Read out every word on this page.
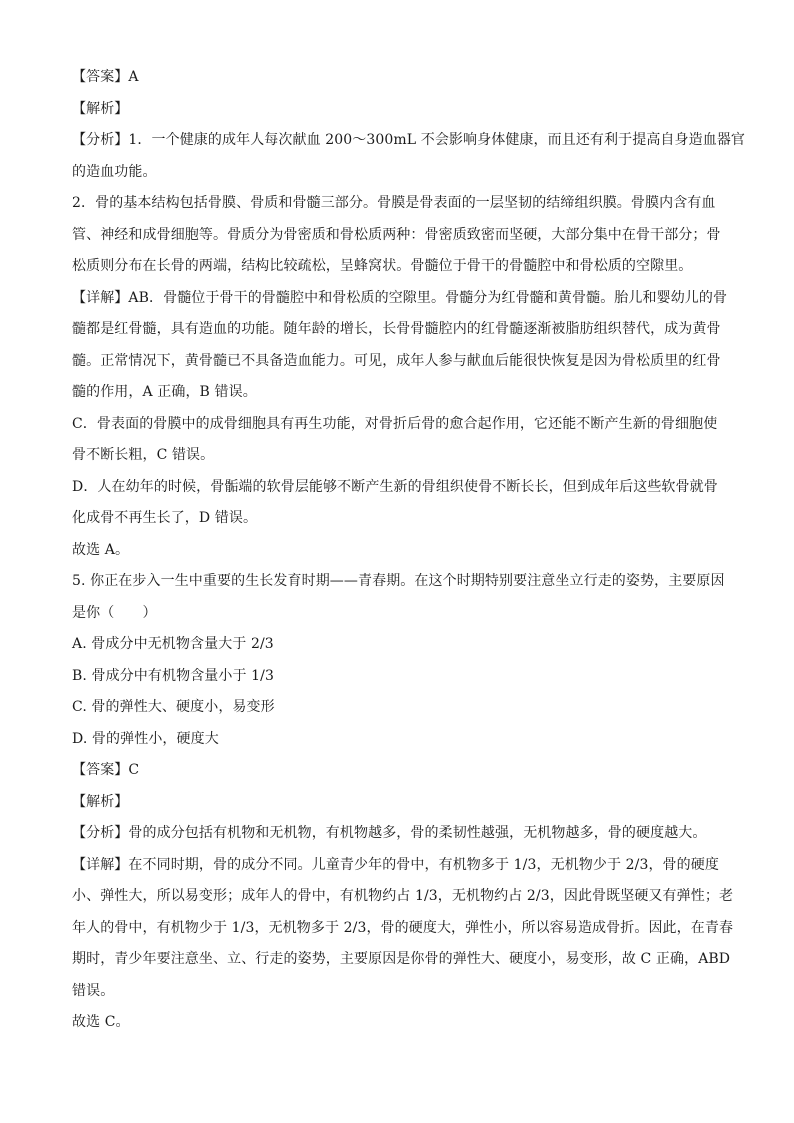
【答案】A
【解析】
【分析】1．一个健康的成年人每次献血 200～300mL 不会影响身体健康，而且还有利于提高自身造血器官
的造血功能。
2．骨的基本结构包括骨膜、骨质和骨髓三部分。骨膜是骨表面的一层坚韧的结缔组织膜。骨膜内含有血
管、神经和成骨细胞等。骨质分为骨密质和骨松质两种：骨密质致密而坚硬，大部分集中在骨干部分；骨
松质则分布在长骨的两端，结构比较疏松，呈蜂窝状。骨髓位于骨干的骨髓腔中和骨松质的空隙里。
【详解】AB．骨髓位于骨干的骨髓腔中和骨松质的空隙里。骨髓分为红骨髓和黄骨髓。胎儿和婴幼儿的骨
髓都是红骨髓，具有造血的功能。随年龄的增长，长骨骨髓腔内的红骨髓逐渐被脂肪组织替代，成为黄骨
髓。正常情况下，黄骨髓已不具备造血能力。可见，成年人参与献血后能很快恢复是因为骨松质里的红骨
髓的作用，A 正确，B 错误。
C．骨表面的骨膜中的成骨细胞具有再生功能，对骨折后骨的愈合起作用，它还能不断产生新的骨细胞使
骨不断长粗，C 错误。
D．人在幼年的时候，骨骺端的软骨层能够不断产生新的骨组织使骨不断长长，但到成年后这些软骨就骨
化成骨不再生长了，D 错误。
故选 A。
5. 你正在步入一生中重要的生长发育时期——青春期。在这个时期特别要注意坐立行走的姿势，主要原因
是你（　　）
A. 骨成分中无机物含量大于 2/3
B. 骨成分中有机物含量小于 1/3
C. 骨的弹性大、硬度小，易变形
D. 骨的弹性小，硬度大
【答案】C
【解析】
【分析】骨的成分包括有机物和无机物，有机物越多，骨的柔韧性越强，无机物越多，骨的硬度越大。
【详解】在不同时期，骨的成分不同。儿童青少年的骨中，有机物多于 1/3，无机物少于 2/3，骨的硬度
小、弹性大，所以易变形；成年人的骨中，有机物约占 1/3，无机物约占 2/3，因此骨既坚硬又有弹性；老
年人的骨中，有机物少于 1/3，无机物多于 2/3，骨的硬度大，弹性小，所以容易造成骨折。因此，在青春
期时，青少年要注意坐、立、行走的姿势，主要原因是你骨的弹性大、硬度小，易变形，故 C 正确，ABD
错误。
故选 C。
